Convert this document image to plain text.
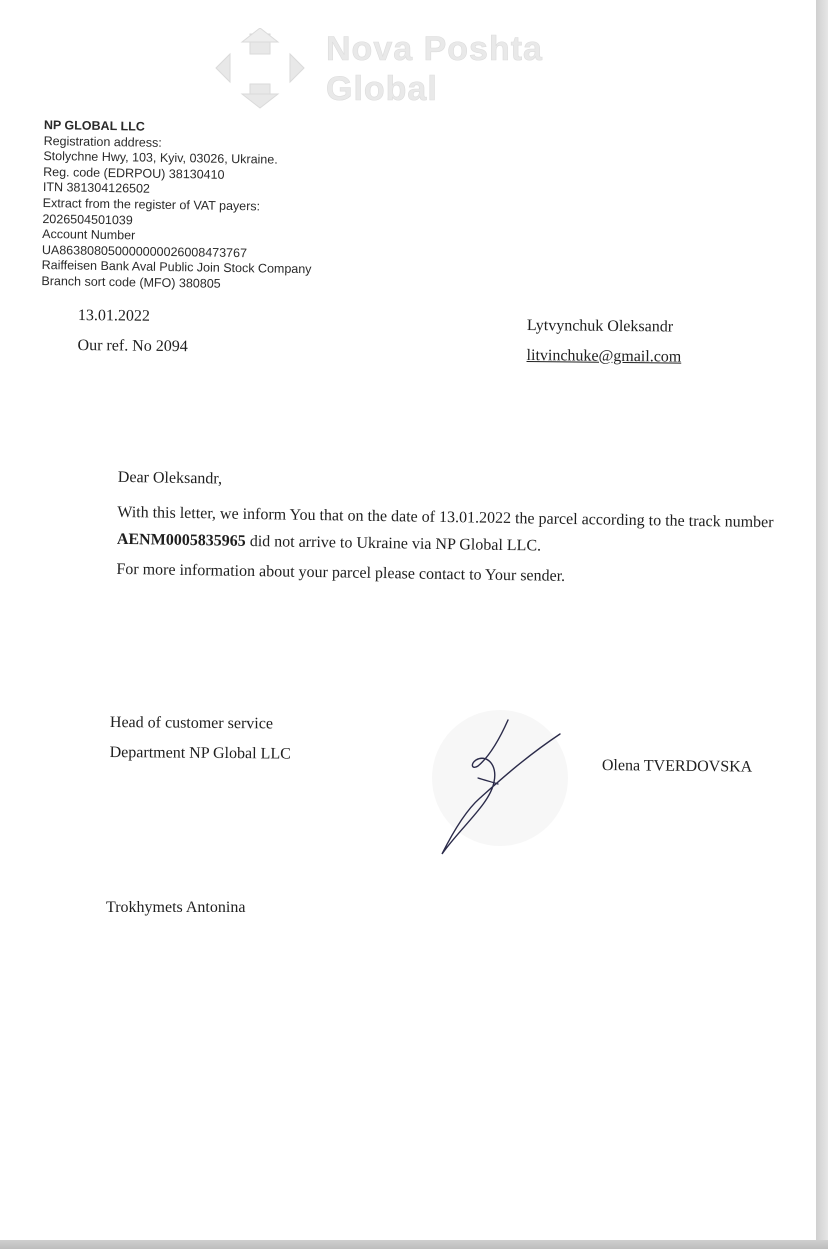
Nova Poshta
Global
NP GLOBAL LLC
Registration address:
Stolychne Hwy, 103, Kyiv, 03026, Ukraine.
Reg. code (EDRPOU) 38130410
ITN 381304126502
Extract from the register of VAT payers:
2026504501039
Account Number
UA863808050000000026008473767
Raiffeisen Bank Aval Public Join Stock Company
Branch sort code (MFO) 380805
13.01.2022
Our ref. No 2094
Lytvynchuk Oleksandr
litvinchuke@gmail.com

Dear Oleksandr,

With this letter, we inform You that on the date of 13.01.2022 the parcel according to the track number AENM0005835965 did not arrive to Ukraine via NP Global LLC.

For more information about your parcel please contact to Your sender.

Head of customer service
Department NP Global LLC
Olena TVERDOVSKA
Trokhymets Antonina
